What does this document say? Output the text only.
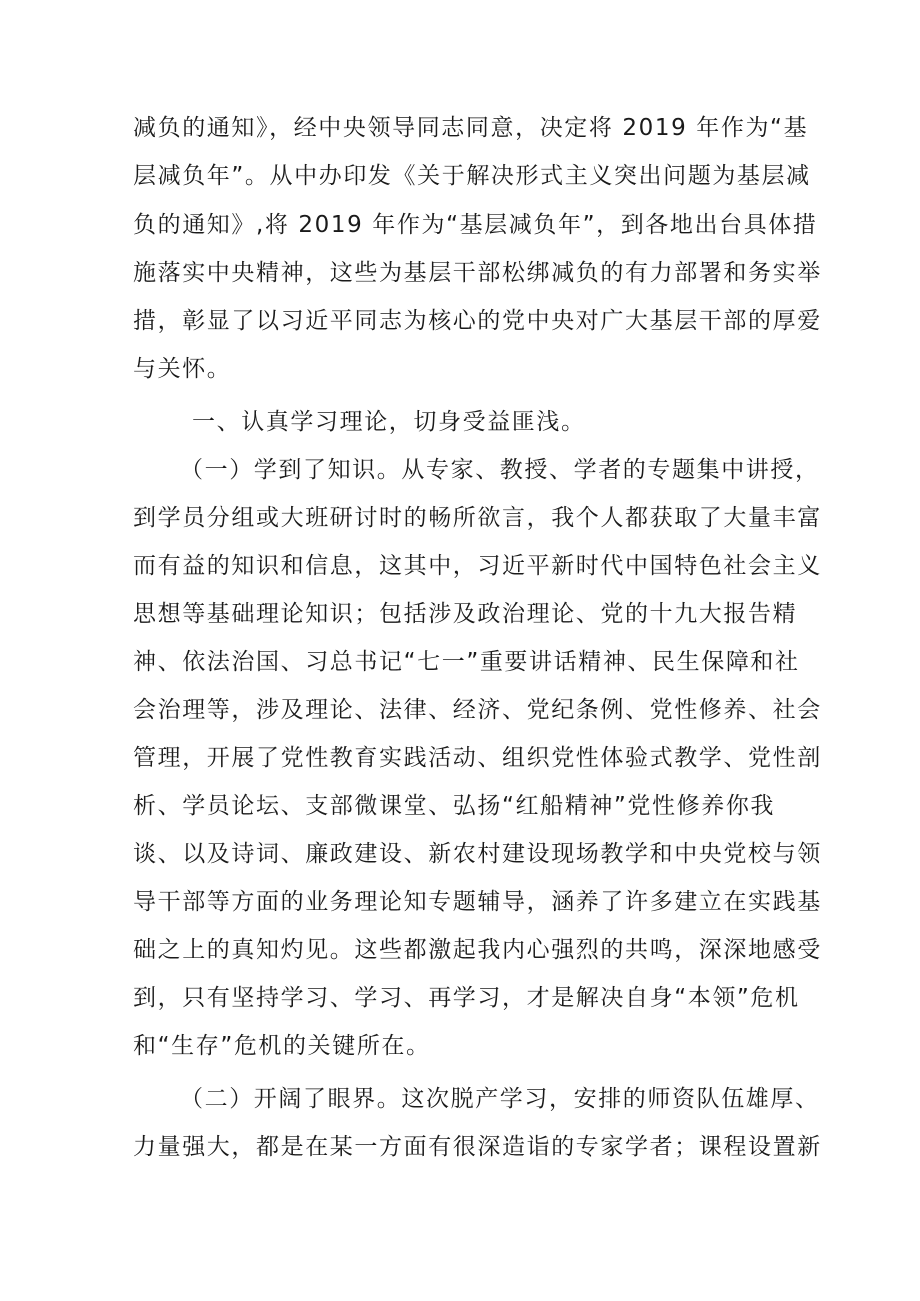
减负的通知》，经中央领导同志同意，决定将 2019 年作为“基
层减负年”。从中办印发《关于解决形式主义突出问题为基层减
负的通知》,将 2019 年作为“基层减负年”，到各地出台具体措
施落实中央精神，这些为基层干部松绑减负的有力部署和务实举
措，彰显了以习近平同志为核心的党中央对广大基层干部的厚爱
与关怀。
一、认真学习理论，切身受益匪浅。
（一）学到了知识。从专家、教授、学者的专题集中讲授，
到学员分组或大班研讨时的畅所欲言，我个人都获取了大量丰富
而有益的知识和信息，这其中，习近平新时代中国特色社会主义
思想等基础理论知识；包括涉及政治理论、党的十九大报告精
神、依法治国、习总书记“七一”重要讲话精神、民生保障和社
会治理等，涉及理论、法律、经济、党纪条例、党性修养、社会
管理，开展了党性教育实践活动、组织党性体验式教学、党性剖
析、学员论坛、支部微课堂、弘扬“红船精神”党性修养你我
谈、以及诗词、廉政建设、新农村建设现场教学和中央党校与领
导干部等方面的业务理论知专题辅导，涵养了许多建立在实践基
础之上的真知灼见。这些都激起我内心强烈的共鸣，深深地感受
到，只有坚持学习、学习、再学习，才是解决自身“本领”危机
和“生存”危机的关键所在。
（二）开阔了眼界。这次脱产学习，安排的师资队伍雄厚、
力量强大，都是在某一方面有很深造诣的专家学者；课程设置新
